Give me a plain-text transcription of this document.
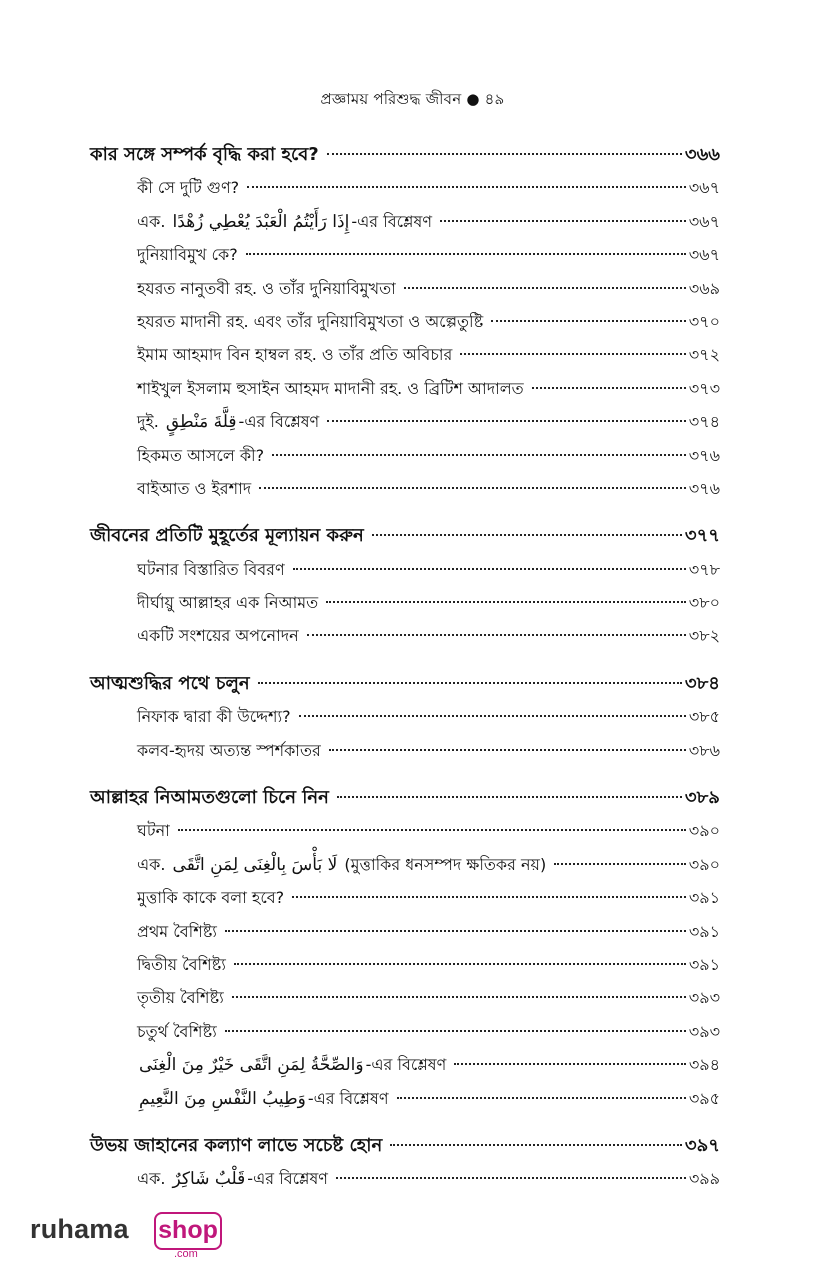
প্রজ্ঞাময় পরিশুদ্ধ জীবন ● ৪৯
কার সঙ্গে সম্পর্ক বৃদ্ধি করা হবে?	৩৬৬
কী সে দুটি গুণ?	৩৬৭
এক. إِذَا رَأَيْتُمُ الْعَبْدَ يُعْطِي زُهْدًا -এর বিশ্লেষণ	৩৬৭
দুনিয়াবিমুখ কে?	৩৬৭
হযরত নানুতবী রহ. ও তাঁর দুনিয়াবিমুখতা	৩৬৯
হযরত মাদানী রহ. এবং তাঁর দুনিয়াবিমুখতা ও অল্পেতুষ্টি	৩৭০
ইমাম আহমাদ বিন হাম্বল রহ. ও তাঁর প্রতি অবিচার	৩৭২
শাইখুল ইসলাম হুসাইন আহমদ মাদানী রহ. ও ব্রিটিশ আদালত	৩৭৩
দুই. قِلَّةَ مَنْطِقٍ -এর বিশ্লেষণ	৩৭৪
হিকমত আসলে কী?	৩৭৬
বাইআত ও ইরশাদ	৩৭৬
জীবনের প্রতিটি মুহূর্তের মূল্যায়ন করুন	৩৭৭
ঘটনার বিস্তারিত বিবরণ	৩৭৮
দীর্ঘায়ু আল্লাহর এক নিআমত	৩৮০
একটি সংশয়ের অপনোদন	৩৮২
আত্মশুদ্ধির পথে চলুন	৩৮৪
নিফাক দ্বারা কী উদ্দেশ্য?	৩৮৫
কলব-হৃদয় অত্যন্ত স্পর্শকাতর	৩৮৬
আল্লাহর নিআমতগুলো চিনে নিন	৩৮৯
ঘটনা	৩৯০
এক. لَا بَأْسَ بِالْغِنَى لِمَنِ اتَّقَى (মুত্তাকির ধনসম্পদ ক্ষতিকর নয়)	৩৯০
মুত্তাকি কাকে বলা হবে?	৩৯১
প্রথম বৈশিষ্ট্য	৩৯১
দ্বিতীয় বৈশিষ্ট্য	৩৯১
তৃতীয় বৈশিষ্ট্য	৩৯৩
চতুর্থ বৈশিষ্ট্য	৩৯৩
وَالصِّحَّةُ لِمَنِ اتَّقَى خَيْرٌ مِنَ الْغِنَى -এর বিশ্লেষণ	৩৯৪
وَطِيبُ النَّفْسِ مِنَ النَّعِيمِ -এর বিশ্লেষণ	৩৯৫
উভয় জাহানের কল্যাণ লাভে সচেষ্ট হোন	৩৯৭
এক. قَلْبٌ شَاكِرٌ -এর বিশ্লেষণ	৩৯৯
ruhama shop
.com
